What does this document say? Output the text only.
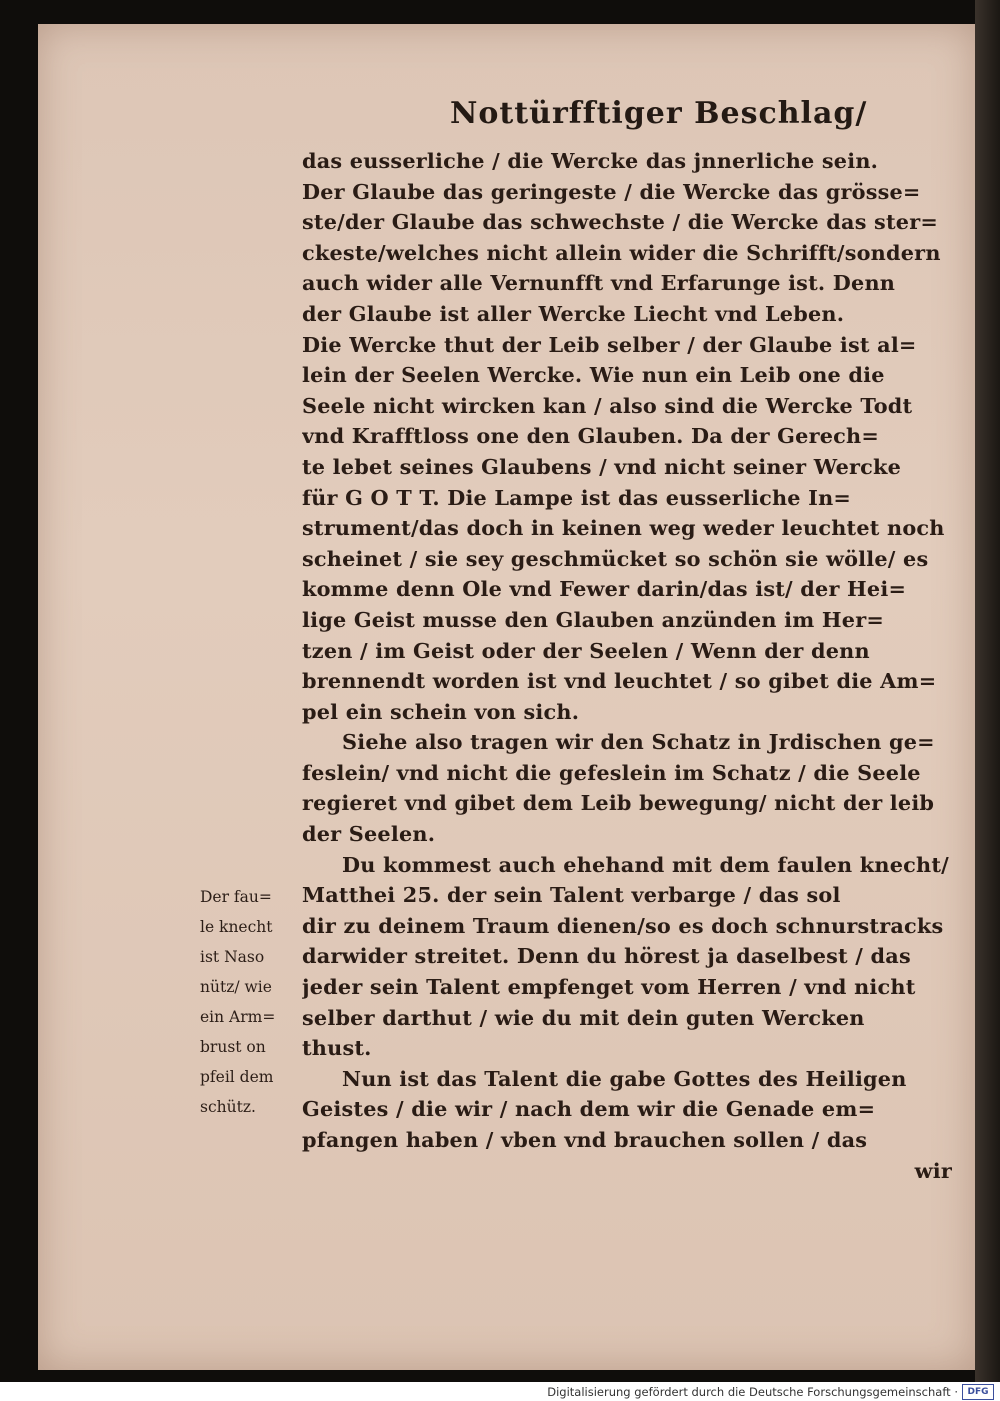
Nottürfftiger Beschlag/
das eusserliche / die Wercke das jnnerliche sein.
Der Glaube das geringeste / die Wercke das grösse=
ste/der Glaube das schwechste / die Wercke das ster=
ckeste/welches nicht allein wider die Schrifft/sondern
auch wider alle Vernunfft vnd Erfarunge ist. Denn
der Glaube ist aller Wercke Liecht vnd Leben.
Die Wercke thut der Leib selber / der Glaube ist al=
lein der Seelen Wercke. Wie nun ein Leib one die
Seele nicht wircken kan / also sind die Wercke Todt
vnd Krafftloss one den Glauben. Da der Gerech=
te lebet seines Glaubens / vnd nicht seiner Wercke
für G O T T. Die Lampe ist das eusserliche In=
strument/das doch in keinen weg weder leuchtet noch
scheinet / sie sey geschmücket so schön sie wölle/ es
komme denn Ole vnd Fewer darin/das ist/ der Hei=
lige Geist musse den Glauben anzünden im Her=
tzen / im Geist oder der Seelen / Wenn der denn
brennendt worden ist vnd leuchtet / so gibet die Am=
pel ein schein von sich.
Siehe also tragen wir den Schatz in Jrdischen ge=
feslein/ vnd nicht die gefeslein im Schatz / die Seele
regieret vnd gibet dem Leib bewegung/ nicht der leib
der Seelen.
Du kommest auch ehehand mit dem faulen knecht/
Matthei 25. der sein Talent verbarge / das sol
dir zu deinem Traum dienen/so es doch schnurstracks
darwider streitet. Denn du hörest ja daselbest / das
jeder sein Talent empfenget vom Herren / vnd nicht
selber darthut / wie du mit dein guten Wercken
thust.
Nun ist das Talent die gabe Gottes des Heiligen
Geistes / die wir / nach dem wir die Genade em=
pfangen haben / vben vnd brauchen sollen / das
wir
Der fau=
le knecht
ist Naso
nütz/ wie
ein Arm=
brust on
pfeil dem
schütz.
Digitalisierung gefördert durch die Deutsche Forschungsgemeinschaft ·	DFG
